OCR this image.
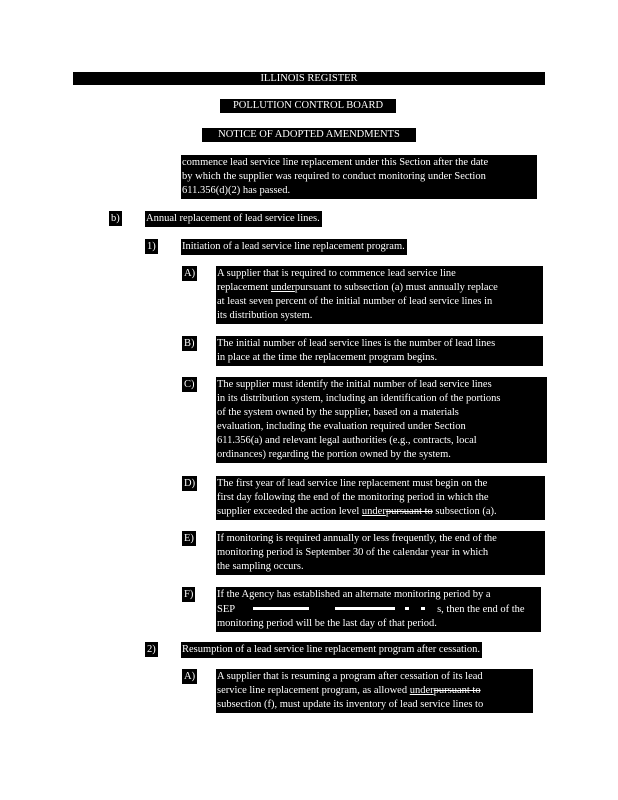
ILLINOIS REGISTER
POLLUTION CONTROL BOARD
NOTICE OF ADOPTED AMENDMENTS
commence lead service line replacement under this Section after the date
by which the supplier was required to conduct monitoring under Section
611.356(d)(2) has passed.
b)	Annual replacement of lead service lines.
1)	Initiation of a lead service line replacement program.
A) A supplier that is required to commence lead service line
replacement underpursuant to subsection (a) must annually replace
at least seven percent of the initial number of lead service lines in
its distribution system.
B) The initial number of lead service lines is the number of lead lines
in place at the time the replacement program begins.
C) The supplier must identify the initial number of lead service lines
in its distribution system, including an identification of the portions
of the system owned by the supplier, based on a materials
evaluation, including the evaluation required under Section
611.356(a) and relevant legal authorities (e.g., contracts, local
ordinances) regarding the portion owned by the system.
D) The first year of lead service line replacement must begin on the
first day following the end of the monitoring period in which the
supplier exceeded the action level underpursuant to subsection (a).
E) If monitoring is required annually or less frequently, the end of the
monitoring period is September 30 of the calendar year in which
the sampling occurs.
F) If the Agency has established an alternate monitoring period by a
SEP	s, then the end of the
monitoring period will be the last day of that period.
2)	Resumption of a lead service line replacement program after cessation.
A) A supplier that is resuming a program after cessation of its lead
service line replacement program, as allowed underpursuant to
subsection (f), must update its inventory of lead service lines to
